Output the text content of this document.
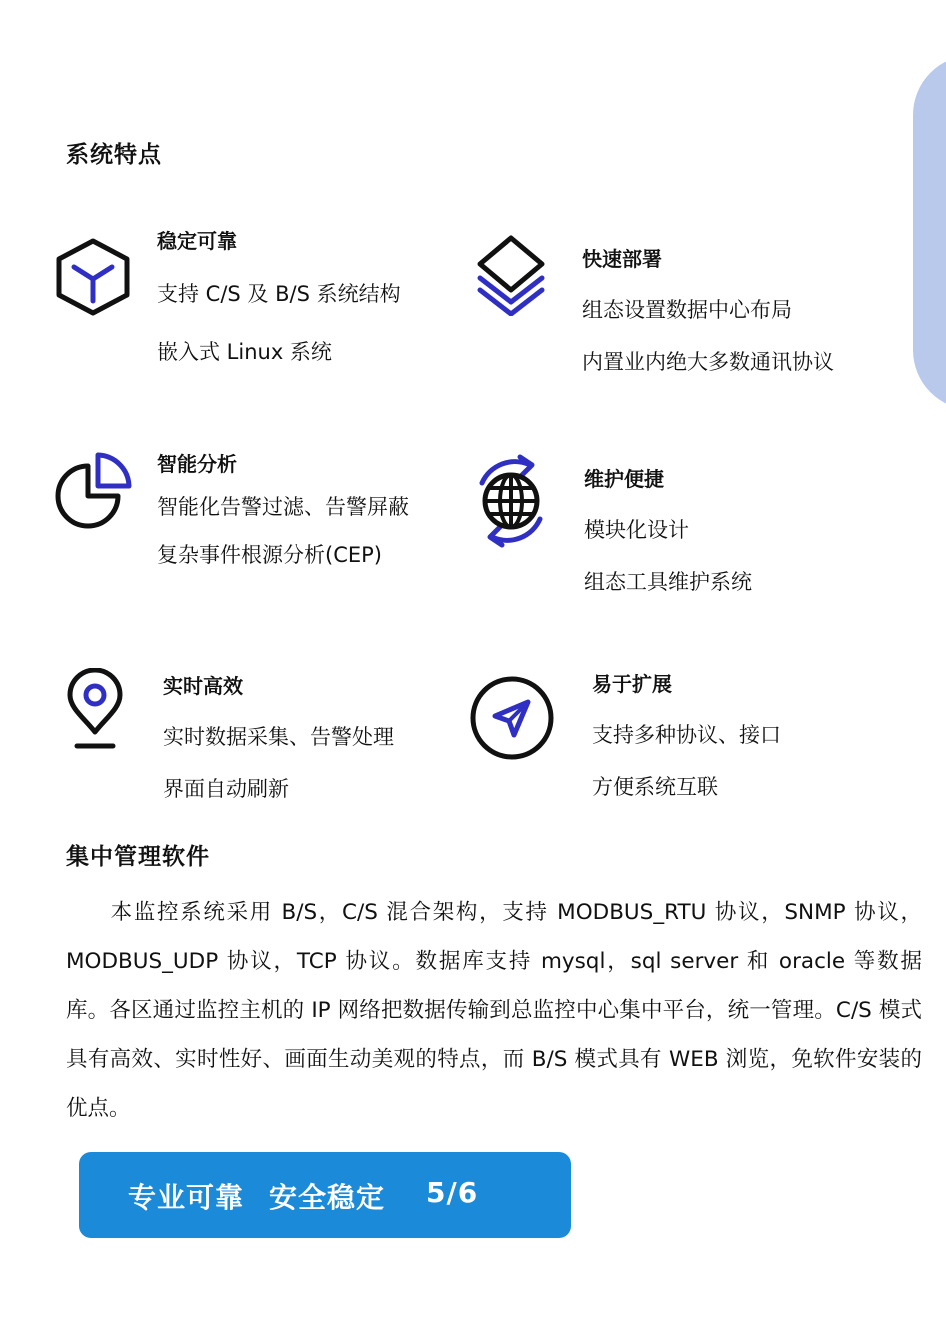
系统特点
稳定可靠
支持 C/S 及 B/S 系统结构
嵌入式 Linux 系统
快速部署
组态设置数据中心布局
内置业内绝大多数通讯协议
智能分析
智能化告警过滤、告警屏蔽
复杂事件根源分析(CEP)
维护便捷
模块化设计
组态工具维护系统
实时高效
实时数据采集、告警处理
界面自动刷新
易于扩展
支持多种协议、接口
方便系统互联
集中管理软件
本监控系统采用 B/S，C/S 混合架构，支持 MODBUS_RTU 协议，SNMP 协议，MODBUS_UDP 协议，TCP 协议。数据库支持 mysql，sql server 和 oracle 等数据库。各区通过监控主机的 IP 网络把数据传输到总监控中心集中平台，统一管理。C/S 模式具有高效、实时性好、画面生动美观的特点，而 B/S 模式具有 WEB 浏览，免软件安装的优点。
专业可靠 安全稳定 5/6
